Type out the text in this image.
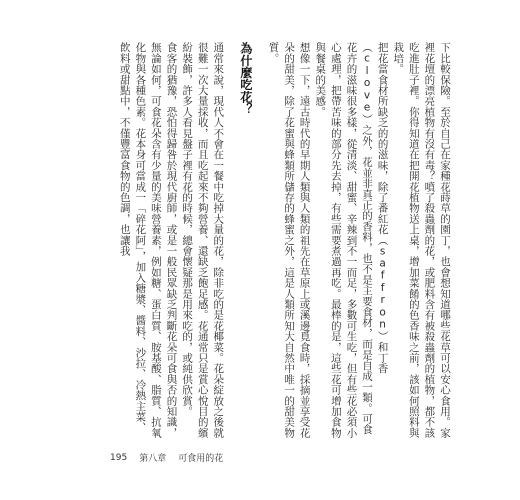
下比較保險。至於自己在家種花蒔草的園丁，也會想知道哪些花草可以安心食用。家裡花壇的漂亮植物有沒有毒？噴了殺蟲劑的花，或肥料含有被殺蟲劑的植物，都不該吃進肚子裡。你得知道在把開花植物送上桌，增加菜餚的色香味之前，該如何照料與栽培。

把花當食材所缺乏的的滋味，除了番紅花（saffron）和丁香（clove）之外，花並非真正的香料，也不是主要食材，而是自成一類。可食花卉的滋味很多樣，從清淡、甜蜜、辛辣到不一而足，多數可生吃，但有些花必須小心處理，把帶苦味的部分先去掉，有些需要煮過再吃。最棒的是，這些花可增加食物與餐桌的美感。

想像一下，遠古時代的早期人類與人類的祖先在草原上或溪邊覓食時，採摘並享受花朵的甜美，除了花蜜與蜂類所儲存的蜂蜜之外，這是人類所知大自然中唯一的甜美物質。

為什麼吃花？

通常來說，現代人不會在一餐中吃掉大量的花，除非吃的是花椰菜。花朵綻放之後就很難一次大量採收，而且吃起來不夠營養、還缺乏飽足感。花通常只是賞心悅目的繽紛裝飾，許多人看見盤子裡有花的時候，總會懷疑那是用來吃的，或純供欣賞。

食客的猶豫，恐怕得歸咎於現代廚師，或是一般民眾缺乏判斷花朵可食與否的知識，無論如何，可食花朵含有少量的美味營養素，例如糖、蛋白質、胺基酸、脂質、抗氧化物與各種色素。花本身可當成一「碎花阿」，加入糖漿、醬料、沙拉、冷熱主菜、飲料或甜點中，不僅豐富食物的色調，也讓我

195 第八章 可食用的花
